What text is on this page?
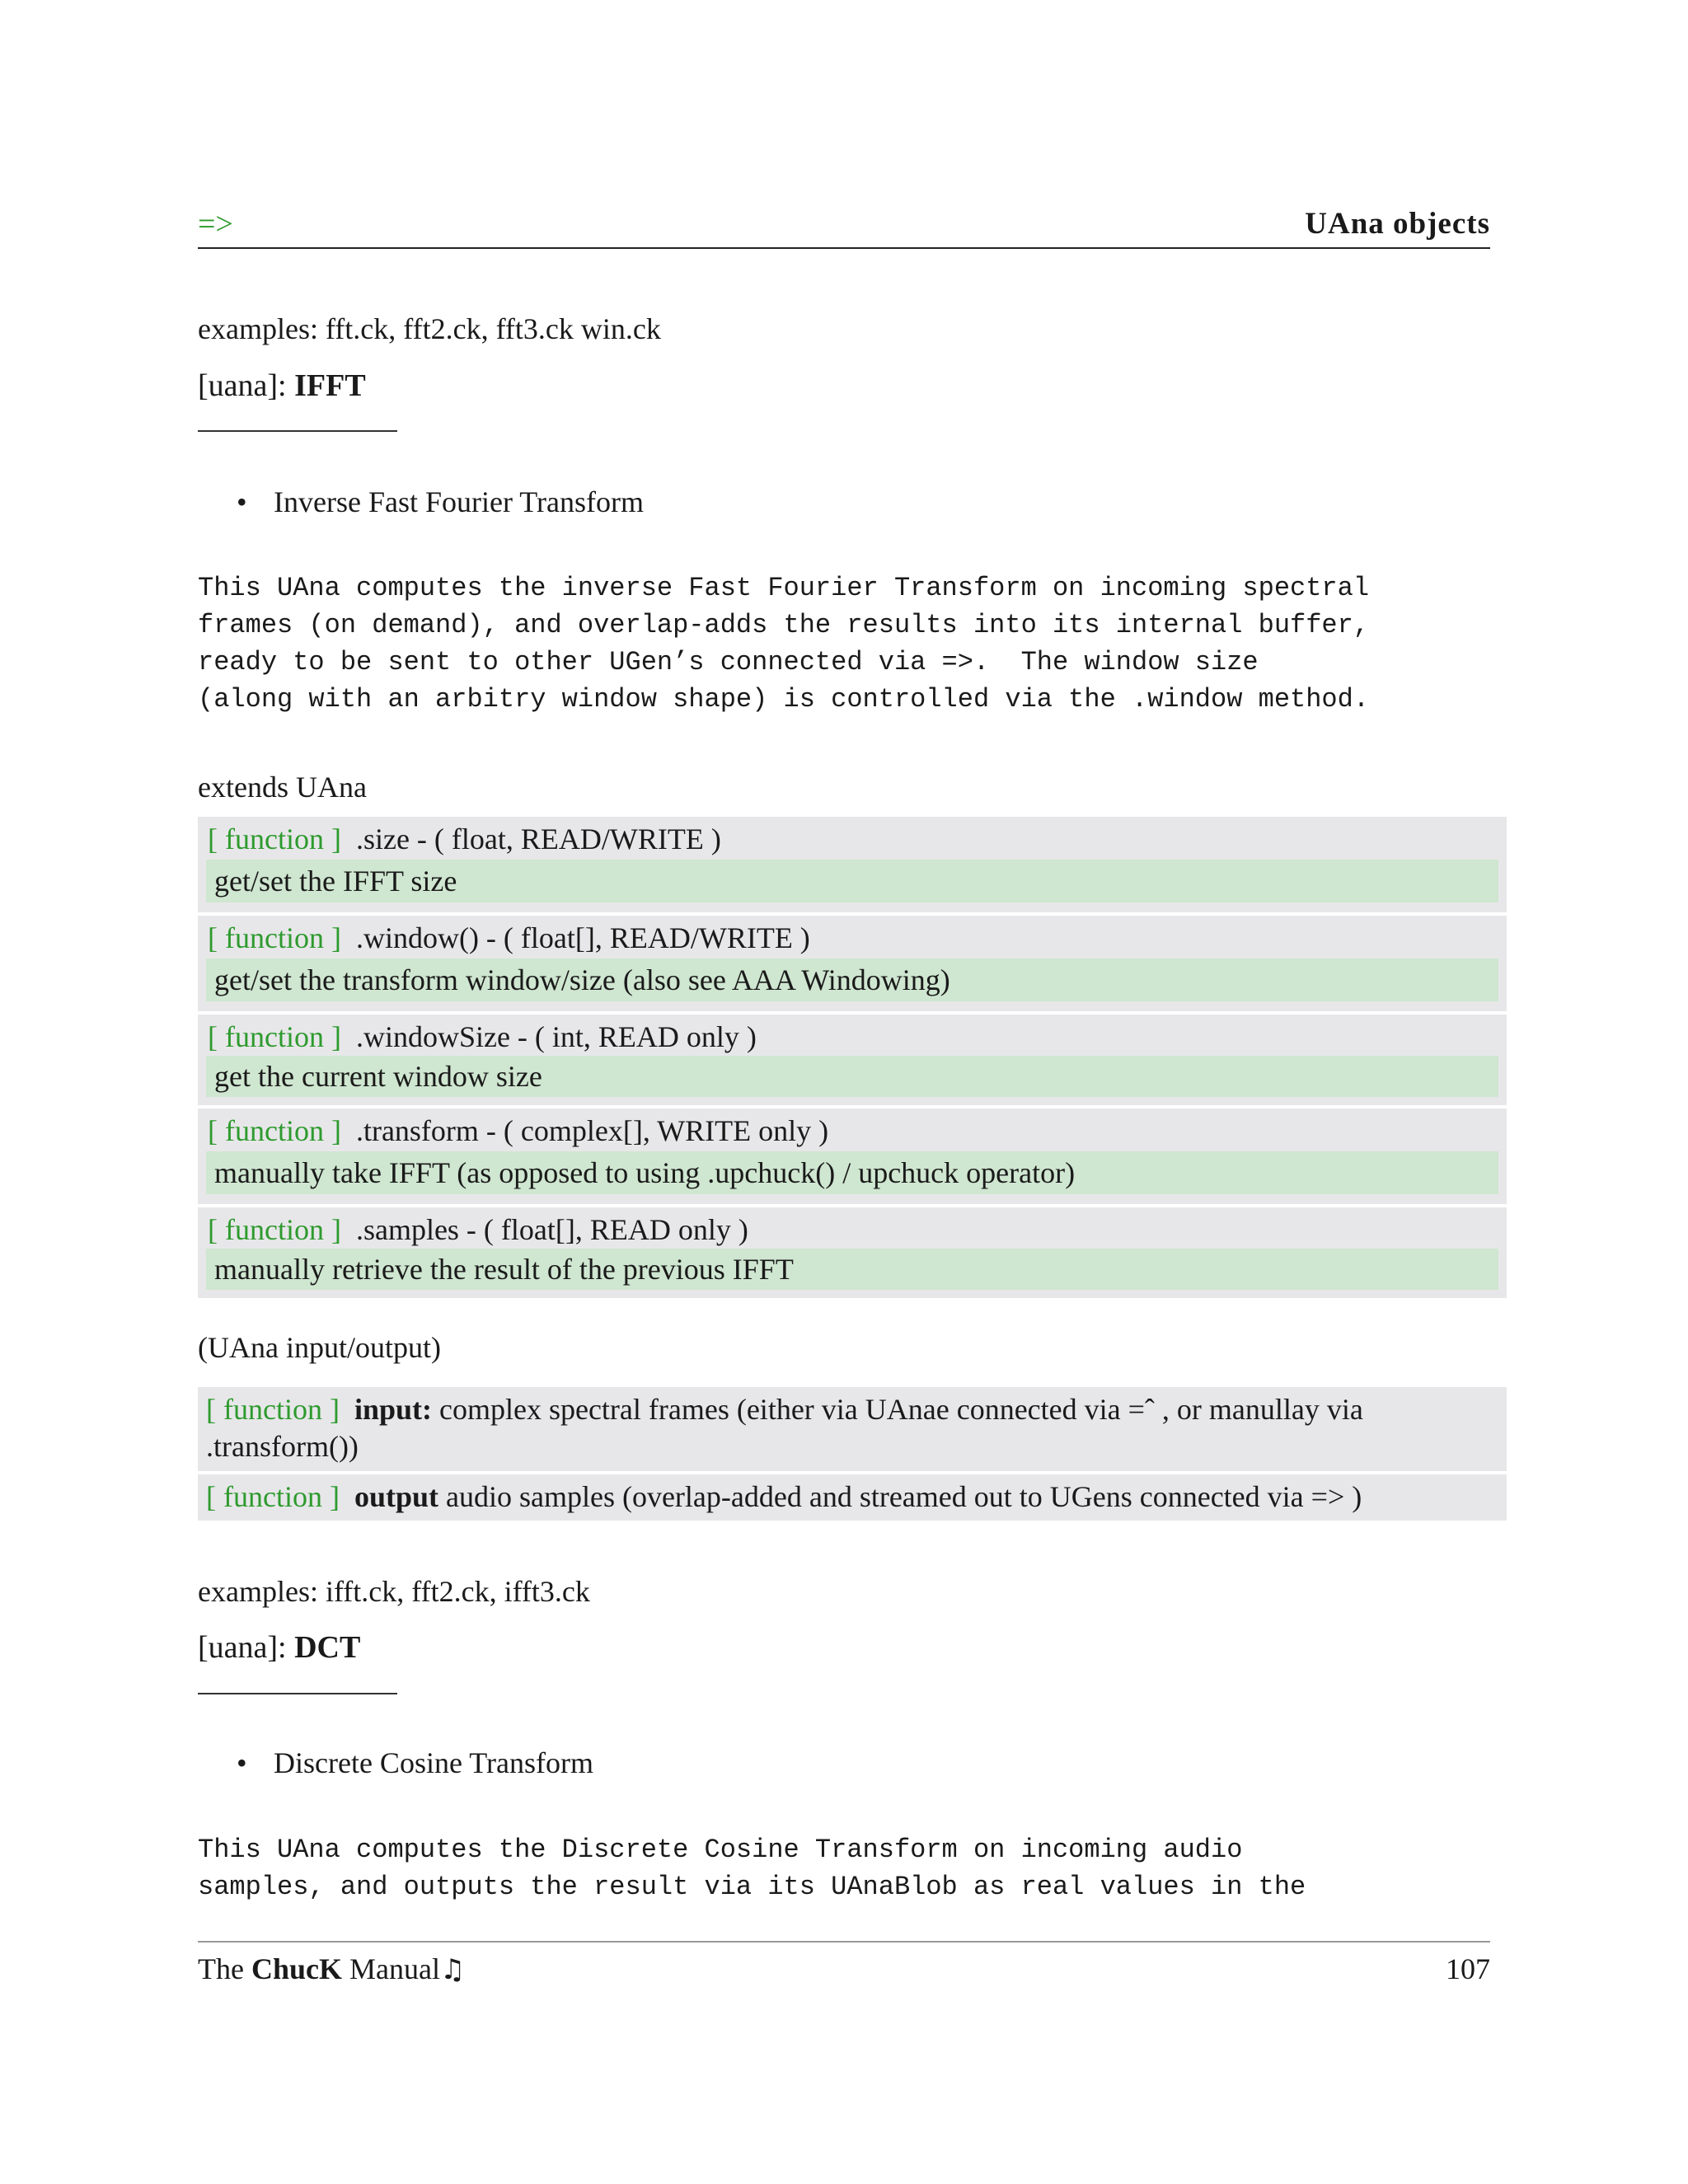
=>	UAna objects
examples: fft.ck, fft2.ck, fft3.ck win.ck
[uana]: IFFT
• Inverse Fast Fourier Transform
This UAna computes the inverse Fast Fourier Transform on incoming spectral
frames (on demand), and overlap-adds the results into its internal buffer,
ready to be sent to other UGen’s connected via =>.  The window size
(along with an arbitry window shape) is controlled via the .window method.
extends UAna
[ function ] .size - ( float, READ/WRITE )
get/set the IFFT size
[ function ] .window() - ( float[], READ/WRITE )
get/set the transform window/size (also see AAA Windowing)
[ function ] .windowSize - ( int, READ only )
get the current window size
[ function ] .transform - ( complex[], WRITE only )
manually take IFFT (as opposed to using .upchuck() / upchuck operator)
[ function ] .samples - ( float[], READ only )
manually retrieve the result of the previous IFFT
(UAna input/output)
[ function ] input: complex spectral frames (either via UAnae connected via =ˆ , or manullay via
.transform())
[ function ] output audio samples (overlap-added and streamed out to UGens connected via => )
examples: ifft.ck, fft2.ck, ifft3.ck
[uana]: DCT
• Discrete Cosine Transform
This UAna computes the Discrete Cosine Transform on incoming audio
samples, and outputs the result via its UAnaBlob as real values in the
The ChucK Manual♫	107
